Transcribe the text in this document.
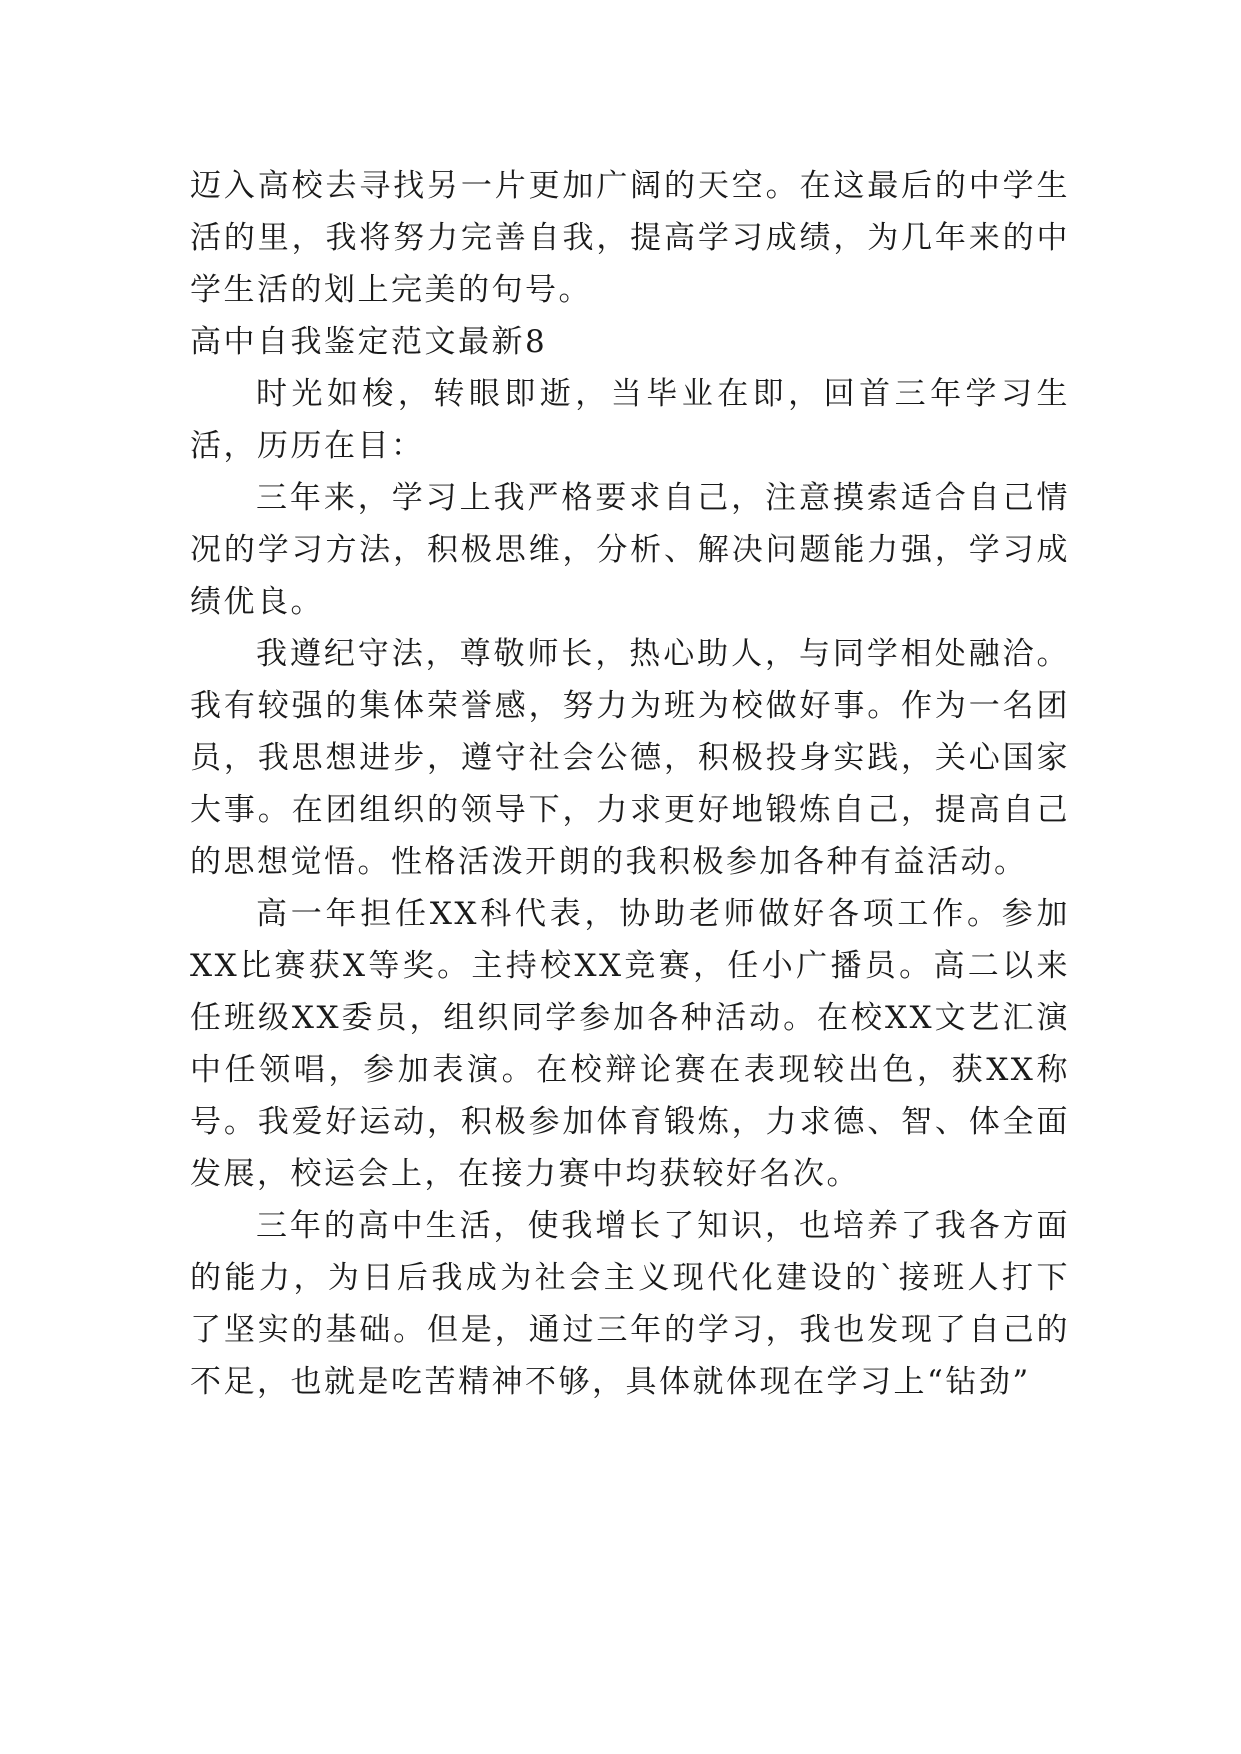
迈入高校去寻找另一片更加广阔的天空。在这最后的中学生活的里，我将努力完善自我，提高学习成绩，为几年来的中学生活的划上完美的句号。

高中自我鉴定范文最新8

时光如梭，转眼即逝，当毕业在即，回首三年学习生活，历历在目：

三年来，学习上我严格要求自己，注意摸索适合自己情况的学习方法，积极思维，分析、解决问题能力强，学习成绩优良。

我遵纪守法，尊敬师长，热心助人，与同学相处融洽。我有较强的集体荣誉感，努力为班为校做好事。作为一名团员，我思想进步，遵守社会公德，积极投身实践，关心国家大事。在团组织的领导下，力求更好地锻炼自己，提高自己的思想觉悟。性格活泼开朗的我积极参加各种有益活动。

高一年担任XX科代表，协助老师做好各项工作。参加XX比赛获X等奖。主持校XX竞赛，任小广播员。高二以来任班级XX委员，组织同学参加各种活动。在校XX文艺汇演中任领唱，参加表演。在校辩论赛在表现较出色，获XX称号。我爱好运动，积极参加体育锻炼，力求德、智、体全面发展，校运会上，在接力赛中均获较好名次。

三年的高中生活，使我增长了知识，也培养了我各方面的能力，为日后我成为社会主义现代化建设的`接班人打下了坚实的基础。但是，通过三年的学习，我也发现了自己的不足，也就是吃苦精神不够，具体就体现在学习上“钻劲”
